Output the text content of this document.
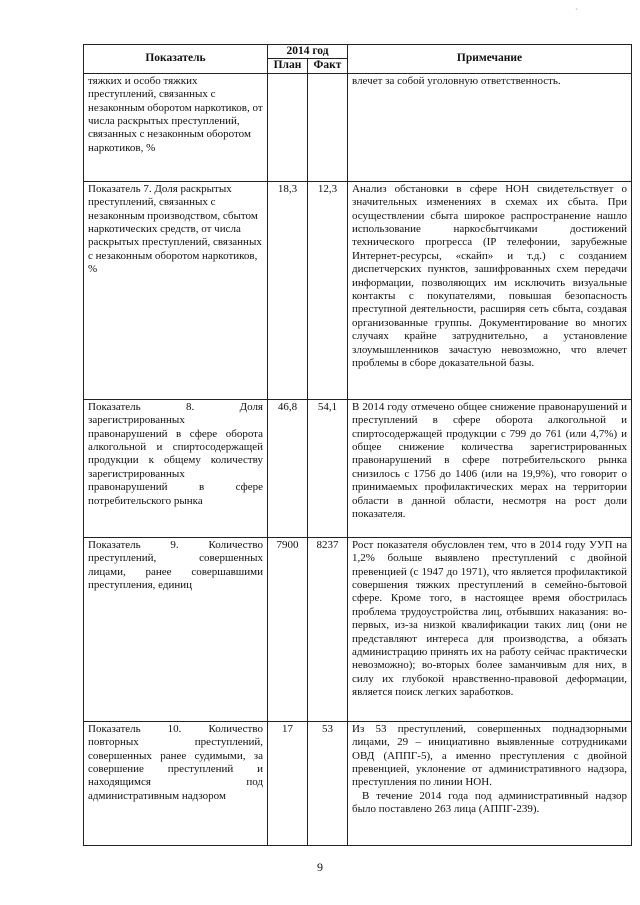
`
Показатель	2014 год		Примечание
	План	Факт	
тяжких и особо тяжких преступлений, связанных с незаконным оборотом наркотиков, от числа раскрытых преступлений, связанных с незаконным оборотом наркотиков, %			влечет за собой уголовную ответственность.
Показатель 7. Доля раскрытых преступлений, связанных с незаконным производством, сбытом наркотических средств, от числа раскрытых преступлений, связанных с незаконным оборотом наркотиков, %	18,3	12,3	Анализ обстановки в сфере НОН свидетельствует о значительных изменениях в схемах их сбыта. При осуществлении сбыта широкое распространение нашло использование наркосбытчиками достижений технического прогресса (IP телефонии, зарубежные Интернет-ресурсы, «скайп» и т.д.) с созданием диспетчерских пунктов, зашифрованных схем передачи информации, позволяющих им исключить визуальные контакты с покупателями, повышая безопасность преступной деятельности, расширяя сеть сбыта, создавая организованные группы. Документирование во многих случаях крайне затруднительно, а установление злоумышленников зачастую невозможно, что влечет проблемы в сборе доказательной базы.
Показатель 8. Доля зарегистрированных правонарушений в сфере оборота алкогольной и спиртосодержащей продукции к общему количеству зарегистрированных правонарушений в сфере потребительского рынка	46,8	54,1	В 2014 году отмечено общее снижение правонарушений и преступлений в сфере оборота алкогольной и спиртосодержащей продукции с 799 до 761 (или 4,7%) и общее снижение количества зарегистрированных правонарушений в сфере потребительского рынка снизилось с 1756 до 1406 (или на 19,9%), что говорит о принимаемых профилактических мерах на территории области в данной области, несмотря на рост доли показателя.
Показатель 9. Количество преступлений, совершенных лицами, ранее совершавшими преступления, единиц	7900	8237	Рост показателя обусловлен тем, что в 2014 году УУП на 1,2% больше выявлено преступлений с двойной превенцией (с 1947 до 1971), что является профилактикой совершения тяжких преступлений в семейно-бытовой сфере. Кроме того, в настоящее время обострилась проблема трудоустройства лиц, отбывших наказания: во-первых, из-за низкой квалификации таких лиц (они не представляют интереса для производства, а обязать администрацию принять их на работу сейчас практически невозможно); во-вторых более заманчивым для них, в силу их глубокой нравственно-правовой деформации, является поиск легких заработков.
Показатель 10. Количество повторных преступлений, совершенных ранее судимыми, за совершение преступлений и находящимся под административным надзором	17	53	Из 53 преступлений, совершенных поднадзорными лицами, 29 – инициативно выявленные сотрудниками ОВД (АППГ-5), а именно преступления с двойной превенцией, уклонение от административного надзора, преступления по линии НОН.
В течение 2014 года под административный надзор было поставлено 263 лица (АППГ-239).
9
